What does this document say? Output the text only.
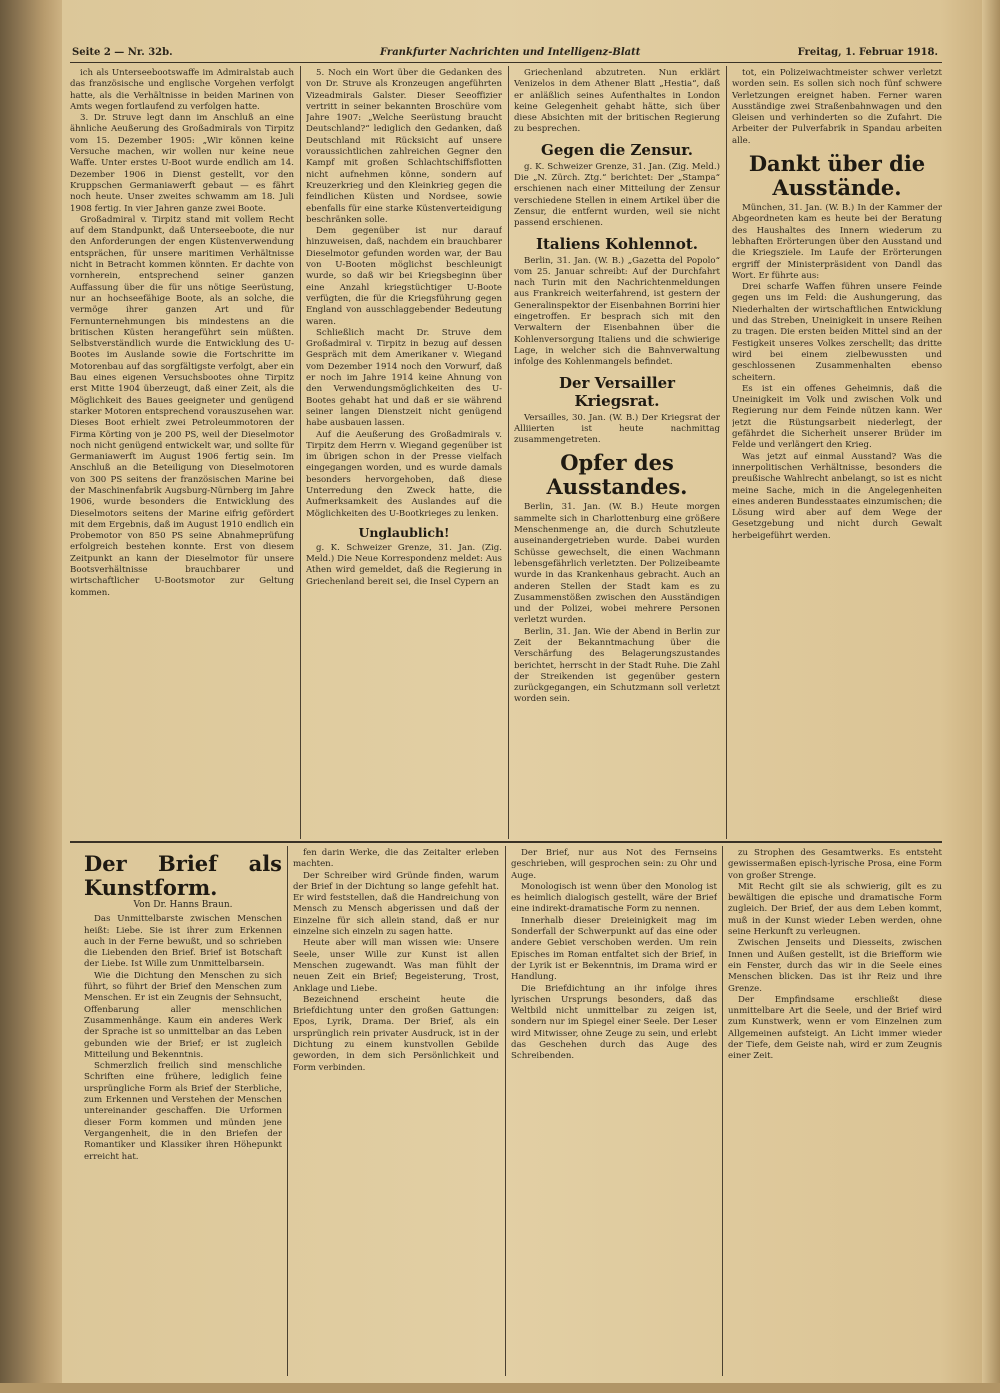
Seite 2 — Nr. 32b.	Frankfurter Nachrichten und Intelligenz-Blatt	Freitag, 1. Februar 1918.

ich als Unterseebootswaffe im Admiralstab auch das französische und englische Vorgehen verfolgt hatte, als die Verhältnisse in beiden Marinen von Amts wegen fortlaufend zu verfolgen hatte.

3. Dr. Struve legt dann im Anschluß an eine ähnliche Aeußerung des Großadmirals von Tirpitz vom 15. Dezember 1905: „Wir können keine Versuche machen, wir wollen nur keine neue Waffe. Unter erstes U-Boot wurde endlich am 14. Dezember 1906 in Dienst gestellt, vor den Kruppschen Germaniawerft gebaut — es fährt noch heute. Unser zweites schwamm am 18. Juli 1908 fertig. In vier Jahren ganze zwei Boote.

Großadmiral v. Tirpitz stand mit vollem Recht auf dem Standpunkt, daß Unterseeboote, die nur den Anforderungen der engen Küstenverwendung entsprächen, für unsere maritimen Verhältnisse nicht in Betracht kommen könnten. Er dachte von vornherein, entsprechend seiner ganzen Auffassung über die für uns nötige Seerüstung, nur an hochseefähige Boote, als an solche, die vermöge ihrer ganzen Art und für Fernunternehmungen bis mindestens an die britischen Küsten herangeführt sein müßten. Selbstverständlich wurde die Entwicklung des U-Bootes im Auslande sowie die Fortschritte im Motorenbau auf das sorgfältigste verfolgt, aber ein Bau eines eigenen Versuchsbootes ohne Tirpitz erst Mitte 1904 überzeugt, daß einer Zeit, als die Möglichkeit des Baues geeigneter und genügend starker Motoren entsprechend vorauszusehen war. Dieses Boot erhielt zwei Petroleummotoren der Firma Körting von je 200 PS, weil der Dieselmotor noch nicht genügend entwickelt war, und sollte für Germaniawerft im August 1906 fertig sein. Im Anschluß an die Beteiligung von Dieselmotoren von 300 PS seitens der französischen Marine bei der Maschinenfabrik Augsburg-Nürnberg im Jahre 1906, wurde besonders die Entwicklung des Dieselmotors seitens der Marine eifrig gefördert mit dem Ergebnis, daß im August 1910 endlich ein Probemotor von 850 PS seine Abnahmeprüfung erfolgreich bestehen konnte. Erst von diesem Zeitpunkt an kann der Dieselmotor für unsere Bootsverhältnisse brauchbarer und wirtschaftlicher U-Bootsmotor zur Geltung kommen.

5. Noch ein Wort über die Gedanken des von Dr. Struve als Kronzeugen angeführten Vizeadmirals Galster. Dieser Seeoffizier vertritt in seiner bekannten Broschüre vom Jahre 1907: „Welche Seerüstung braucht Deutschland?“ lediglich den Gedanken, daß Deutschland mit Rücksicht auf unsere voraussichtlichen zahlreichen Gegner den Kampf mit großen Schlachtschiffsflotten nicht aufnehmen könne, sondern auf Kreuzerkrieg und den Kleinkrieg gegen die feindlichen Küsten und Nordsee, sowie ebenfalls für eine starke Küstenverteidigung beschränken solle.

Dem gegenüber ist nur darauf hinzuweisen, daß, nachdem ein brauchbarer Dieselmotor gefunden worden war, der Bau von U-Booten möglichst beschleunigt wurde, so daß wir bei Kriegsbeginn über eine Anzahl kriegstüchtiger U-Boote verfügten, die für die Kriegsführung gegen England von ausschlaggebender Bedeutung waren.

Schließlich macht Dr. Struve dem Großadmiral v. Tirpitz in bezug auf dessen Gespräch mit dem Amerikaner v. Wiegand vom Dezember 1914 noch den Vorwurf, daß er noch im Jahre 1914 keine Ahnung von den Verwendungsmöglichkeiten des U-Bootes gehabt hat und daß er sie während seiner langen Dienstzeit nicht genügend habe ausbauen lassen.

Auf die Aeußerung des Großadmirals v. Tirpitz dem Herrn v. Wiegand gegenüber ist im übrigen schon in der Presse vielfach eingegangen worden, und es wurde damals besonders hervorgehoben, daß diese Unterredung den Zweck hatte, die Aufmerksamkeit des Auslandes auf die Möglichkeiten des U-Bootkrieges zu lenken.

Unglaublich!

g. K. Schweizer Grenze, 31. Jan. (Zig. Meld.) Die Neue Korrespondenz meldet: Aus Athen wird gemeldet, daß die Regierung in Griechenland bereit sei, die Insel Cypern an

Griechenland abzutreten. Nun erklärt Venizelos in dem Athener Blatt „Hestia“, daß er anläßlich seines Aufenthaltes in London keine Gelegenheit gehabt hätte, sich über diese Absichten mit der britischen Regierung zu besprechen.

Gegen die Zensur.

g. K. Schweizer Grenze, 31. Jan. (Zig. Meld.) Die „N. Zürch. Ztg.“ berichtet: Der „Stampa“ erschienen nach einer Mitteilung der Zensur verschiedene Stellen in einem Artikel über die Zensur, die entfernt wurden, weil sie nicht passend erschienen.

Italiens Kohlennot.

Berlin, 31. Jan. (W. B.) „Gazetta del Popolo“ vom 25. Januar schreibt: Auf der Durchfahrt nach Turin mit den Nachrichtenmeldungen aus Frankreich weiterfahrend, ist gestern der Generalinspektor der Eisenbahnen Borrini hier eingetroffen. Er besprach sich mit den Verwaltern der Eisenbahnen über die Kohlenversorgung Italiens und die schwierige Lage, in welcher sich die Bahnverwaltung infolge des Kohlenmangels befindet.

Der Versailler Kriegsrat.

Versailles, 30. Jan. (W. B.) Der Kriegsrat der Alliierten ist heute nachmittag zusammengetreten.

Opfer des Ausstandes.

Berlin, 31. Jan. (W. B.) Heute morgen sammelte sich in Charlottenburg eine größere Menschenmenge an, die durch Schutzleute auseinandergetrieben wurde. Dabei wurden Schüsse gewechselt, die einen Wachmann lebensgefährlich verletzten. Der Polizeibeamte wurde in das Krankenhaus gebracht. Auch an anderen Stellen der Stadt kam es zu Zusammenstößen zwischen den Ausständigen und der Polizei, wobei mehrere Personen verletzt wurden.

Berlin, 31. Jan. Wie der Abend in Berlin zur Zeit der Bekanntmachung über die Verschärfung des Belagerungszustandes berichtet, herrscht in der Stadt Ruhe. Die Zahl der Streikenden ist gegenüber gestern zurückgegangen, ein Schutzmann soll verletzt worden sein.

tot, ein Polizeiwachtmeister schwer verletzt worden sein. Es sollen sich noch fünf schwere Verletzungen ereignet haben. Ferner waren Ausständige zwei Straßenbahnwagen und den Gleisen und verhinderten so die Zufahrt. Die Arbeiter der Pulverfabrik in Spandau arbeiten alle.

Dankt über die Ausstände.

München, 31. Jan. (W. B.) In der Kammer der Abgeordneten kam es heute bei der Beratung des Haushaltes des Innern wiederum zu lebhaften Erörterungen über den Ausstand und die Kriegsziele. Im Laufe der Erörterungen ergriff der Ministerpräsident von Dandl das Wort. Er führte aus:

Drei scharfe Waffen führen unsere Feinde gegen uns im Feld: die Aushungerung, das Niederhalten der wirtschaftlichen Entwicklung und das Streben, Uneinigkeit in unsere Reihen zu tragen. Die ersten beiden Mittel sind an der Festigkeit unseres Volkes zerschellt; das dritte wird bei einem zielbewussten und geschlossenen Zusammenhalten ebenso scheitern.

Es ist ein offenes Geheimnis, daß die Uneinigkeit im Volk und zwischen Volk und Regierung nur dem Feinde nützen kann. Wer jetzt die Rüstungsarbeit niederlegt, der gefährdet die Sicherheit unserer Brüder im Felde und verlängert den Krieg.

Was jetzt auf einmal Ausstand? Was die innerpolitischen Verhältnisse, besonders die preußische Wahlrecht anbelangt, so ist es nicht meine Sache, mich in die Angelegenheiten eines anderen Bundesstaates einzumischen; die Lösung wird aber auf dem Wege der Gesetzgebung und nicht durch Gewalt herbeigeführt werden.

Der Brief als Kunstform.
Von Dr. Hanns Braun.

Das Unmittelbarste zwischen Menschen heißt: Liebe. Sie ist ihrer zum Erkennen auch in der Ferne bewußt, und so schrieben die Liebenden den Brief. Brief ist Botschaft der Liebe. Ist Wille zum Unmittelbarsein.

Wie die Dichtung den Menschen zu sich führt, so führt der Brief den Menschen zum Menschen. Er ist ein Zeugnis der Sehnsucht, Offenbarung aller menschlichen Zusammenhänge. Kaum ein anderes Werk der Sprache ist so unmittelbar an das Leben gebunden wie der Brief; er ist zugleich Mitteilung und Bekenntnis.

Schmerzlich freilich sind menschliche Schriften eine frühere, lediglich feine ursprüngliche Form als Brief der Sterbliche, zum Erkennen und Verstehen der Menschen untereinander geschaffen. Die Urformen dieser Form kommen und münden jene Vergangenheit, die in den Briefen der Romantiker und Klassiker ihren Höhepunkt erreicht hat.

fen darin Werke, die das Zeitalter erleben machten.

Der Schreiber wird Gründe finden, warum der Brief in der Dichtung so lange gefehlt hat. Er wird feststellen, daß die Handreichung von Mensch zu Mensch abgerissen und daß der Einzelne für sich allein stand, daß er nur einzelne sich einzeln zu sagen hatte.

Heute aber will man wissen wie: Unsere Seele, unser Wille zur Kunst ist allen Menschen zugewandt. Was man fühlt der neuen Zeit ein Brief; Begeisterung, Trost, Anklage und Liebe.

Bezeichnend erscheint heute die Briefdichtung unter den großen Gattungen: Epos, Lyrik, Drama. Der Brief, als ein ursprünglich rein privater Ausdruck, ist in der Dichtung zu einem kunstvollen Gebilde geworden, in dem sich Persönlichkeit und Form verbinden.

Der Brief, nur aus Not des Fernseins geschrieben, will gesprochen sein: zu Ohr und Auge.

Monologisch ist wenn über den Monolog ist es heimlich dialogisch gestellt, wäre der Brief eine indirekt-dramatische Form zu nennen.

Innerhalb dieser Dreieinigkeit mag im Sonderfall der Schwerpunkt auf das eine oder andere Gebiet verschoben werden. Um rein Episches im Roman entfaltet sich der Brief, in der Lyrik ist er Bekenntnis, im Drama wird er Handlung.

Die Briefdichtung an ihr infolge ihres lyrischen Ursprungs besonders, daß das Weltbild nicht unmittelbar zu zeigen ist, sondern nur im Spiegel einer Seele. Der Leser wird Mitwisser, ohne Zeuge zu sein, und erlebt das Geschehen durch das Auge des Schreibenden.

zu Strophen des Gesamtwerks. Es entsteht gewissermaßen episch-lyrische Prosa, eine Form von großer Strenge.

Mit Recht gilt sie als schwierig, gilt es zu bewältigen die epische und dramatische Form zugleich. Der Brief, der aus dem Leben kommt, muß in der Kunst wieder Leben werden, ohne seine Herkunft zu verleugnen.

Zwischen Jenseits und Diesseits, zwischen Innen und Außen gestellt, ist die Briefform wie ein Fenster, durch das wir in die Seele eines Menschen blicken. Das ist ihr Reiz und ihre Grenze.

Der Empfindsame erschließt diese unmittelbare Art die Seele, und der Brief wird zum Kunstwerk, wenn er vom Einzelnen zum Allgemeinen aufsteigt. An Licht immer wieder der Tiefe, dem Geiste nah, wird er zum Zeugnis einer Zeit.
